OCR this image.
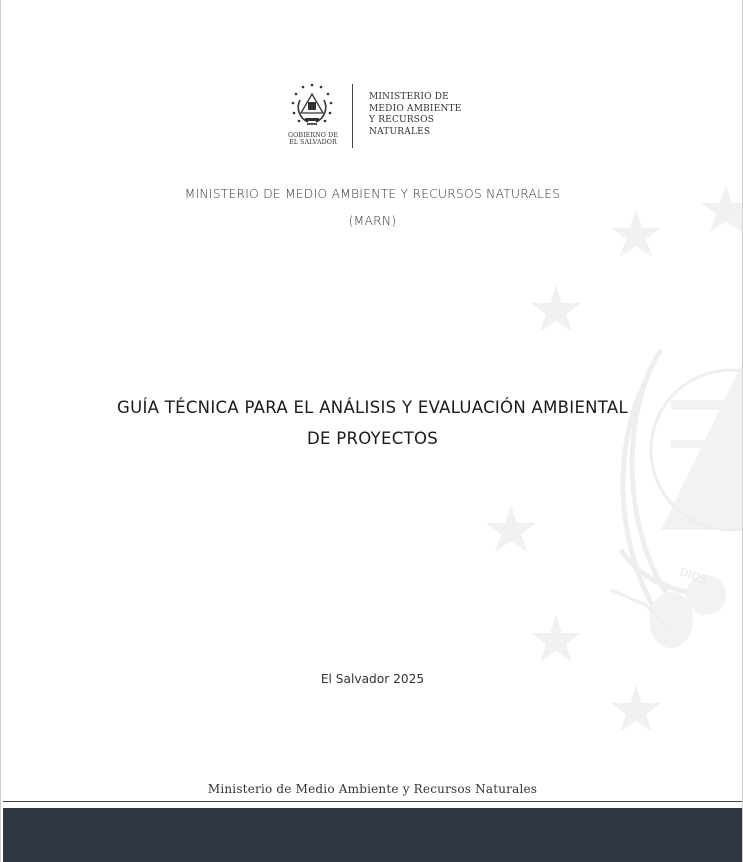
DIOS
GOBIERNO DE
EL SALVADOR
MINISTERIO DE
MEDIO AMBIENTE
Y RECURSOS
NATURALES
MINISTERIO DE MEDIO AMBIENTE Y RECURSOS NATURALES
(MARN)
GUÍA TÉCNICA PARA EL ANÁLISIS Y EVALUACIÓN AMBIENTAL
DE PROYECTOS
El Salvador 2025
Ministerio de Medio Ambiente y Recursos Naturales
